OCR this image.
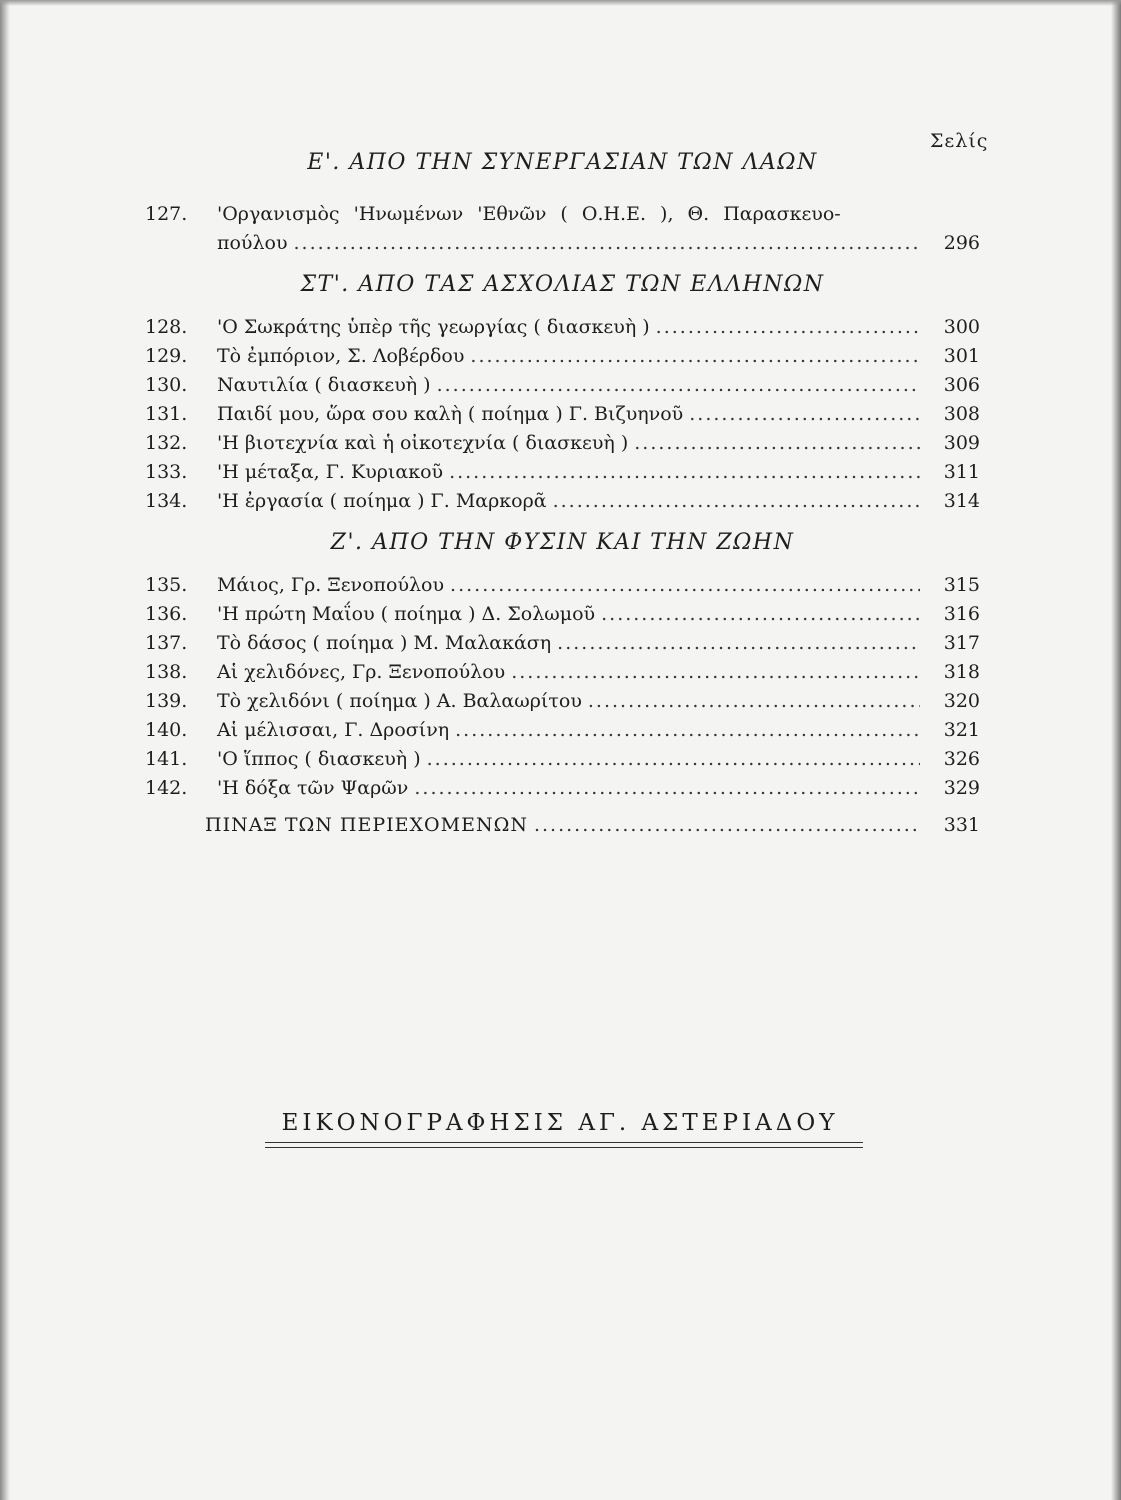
Σελίς
Ε'. ΑΠΟ ΤΗΝ ΣΥΝΕΡΓΑΣΙΑΝ ΤΩΝ ΛΑΩΝ
127.	'Οργανισμὸς 'Ηνωμένων 'Εθνῶν ( Ο.Η.Ε. ), Θ. Παρασκευο-
πούλου .....	296
ΣΤ'. ΑΠΟ ΤΑΣ ΑΣΧΟΛΙΑΣ ΤΩΝ ΕΛΛΗΝΩΝ
128.	'Ο Σωκράτης ὑπὲρ τῆς γεωργίας ( διασκευὴ ) .....	300
129.	Τὸ ἐμπόριον, Σ. Λοβέρδου .....	301
130.	Ναυτιλία ( διασκευὴ ) .....	306
131.	Παιδί μου, ὥρα σου καλὴ ( ποίημα ) Γ. Βιζυηνοῦ .....	308
132.	'Η βιοτεχνία καὶ ἡ οἰκοτεχνία ( διασκευὴ ) .....	309
133.	'Η μέταξα, Γ. Κυριακοῦ .....	311
134.	'Η ἐργασία ( ποίημα ) Γ. Μαρκορᾶ .....	314
Ζ'. ΑΠΟ ΤΗΝ ΦΥΣΙΝ ΚΑΙ ΤΗΝ ΖΩΗΝ
135.	Μάιος, Γρ. Ξενοπούλου .....	315
136.	'Η πρώτη Μαΐου ( ποίημα ) Δ. Σολωμοῦ .....	316
137.	Τὸ δάσος ( ποίημα ) Μ. Μαλακάση .....	317
138.	Αἱ χελιδόνες, Γρ. Ξενοπούλου .....	318
139.	Τὸ χελιδόνι ( ποίημα ) Α. Βαλαωρίτου .....	320
140.	Αἱ μέλισσαι, Γ. Δροσίνη .....	321
141.	'Ο ἵππος ( διασκευὴ ) .....	326
142.	'Η δόξα τῶν Ψαρῶν .....	329
ΠΙΝΑΞ ΤΩΝ ΠΕΡΙΕΧΟΜΕΝΩΝ .....	331
ΕΙΚΟΝΟΓΡΑΦΗΣΙΣ ΑΓ. ΑΣΤΕΡΙΑΔΟΥ
